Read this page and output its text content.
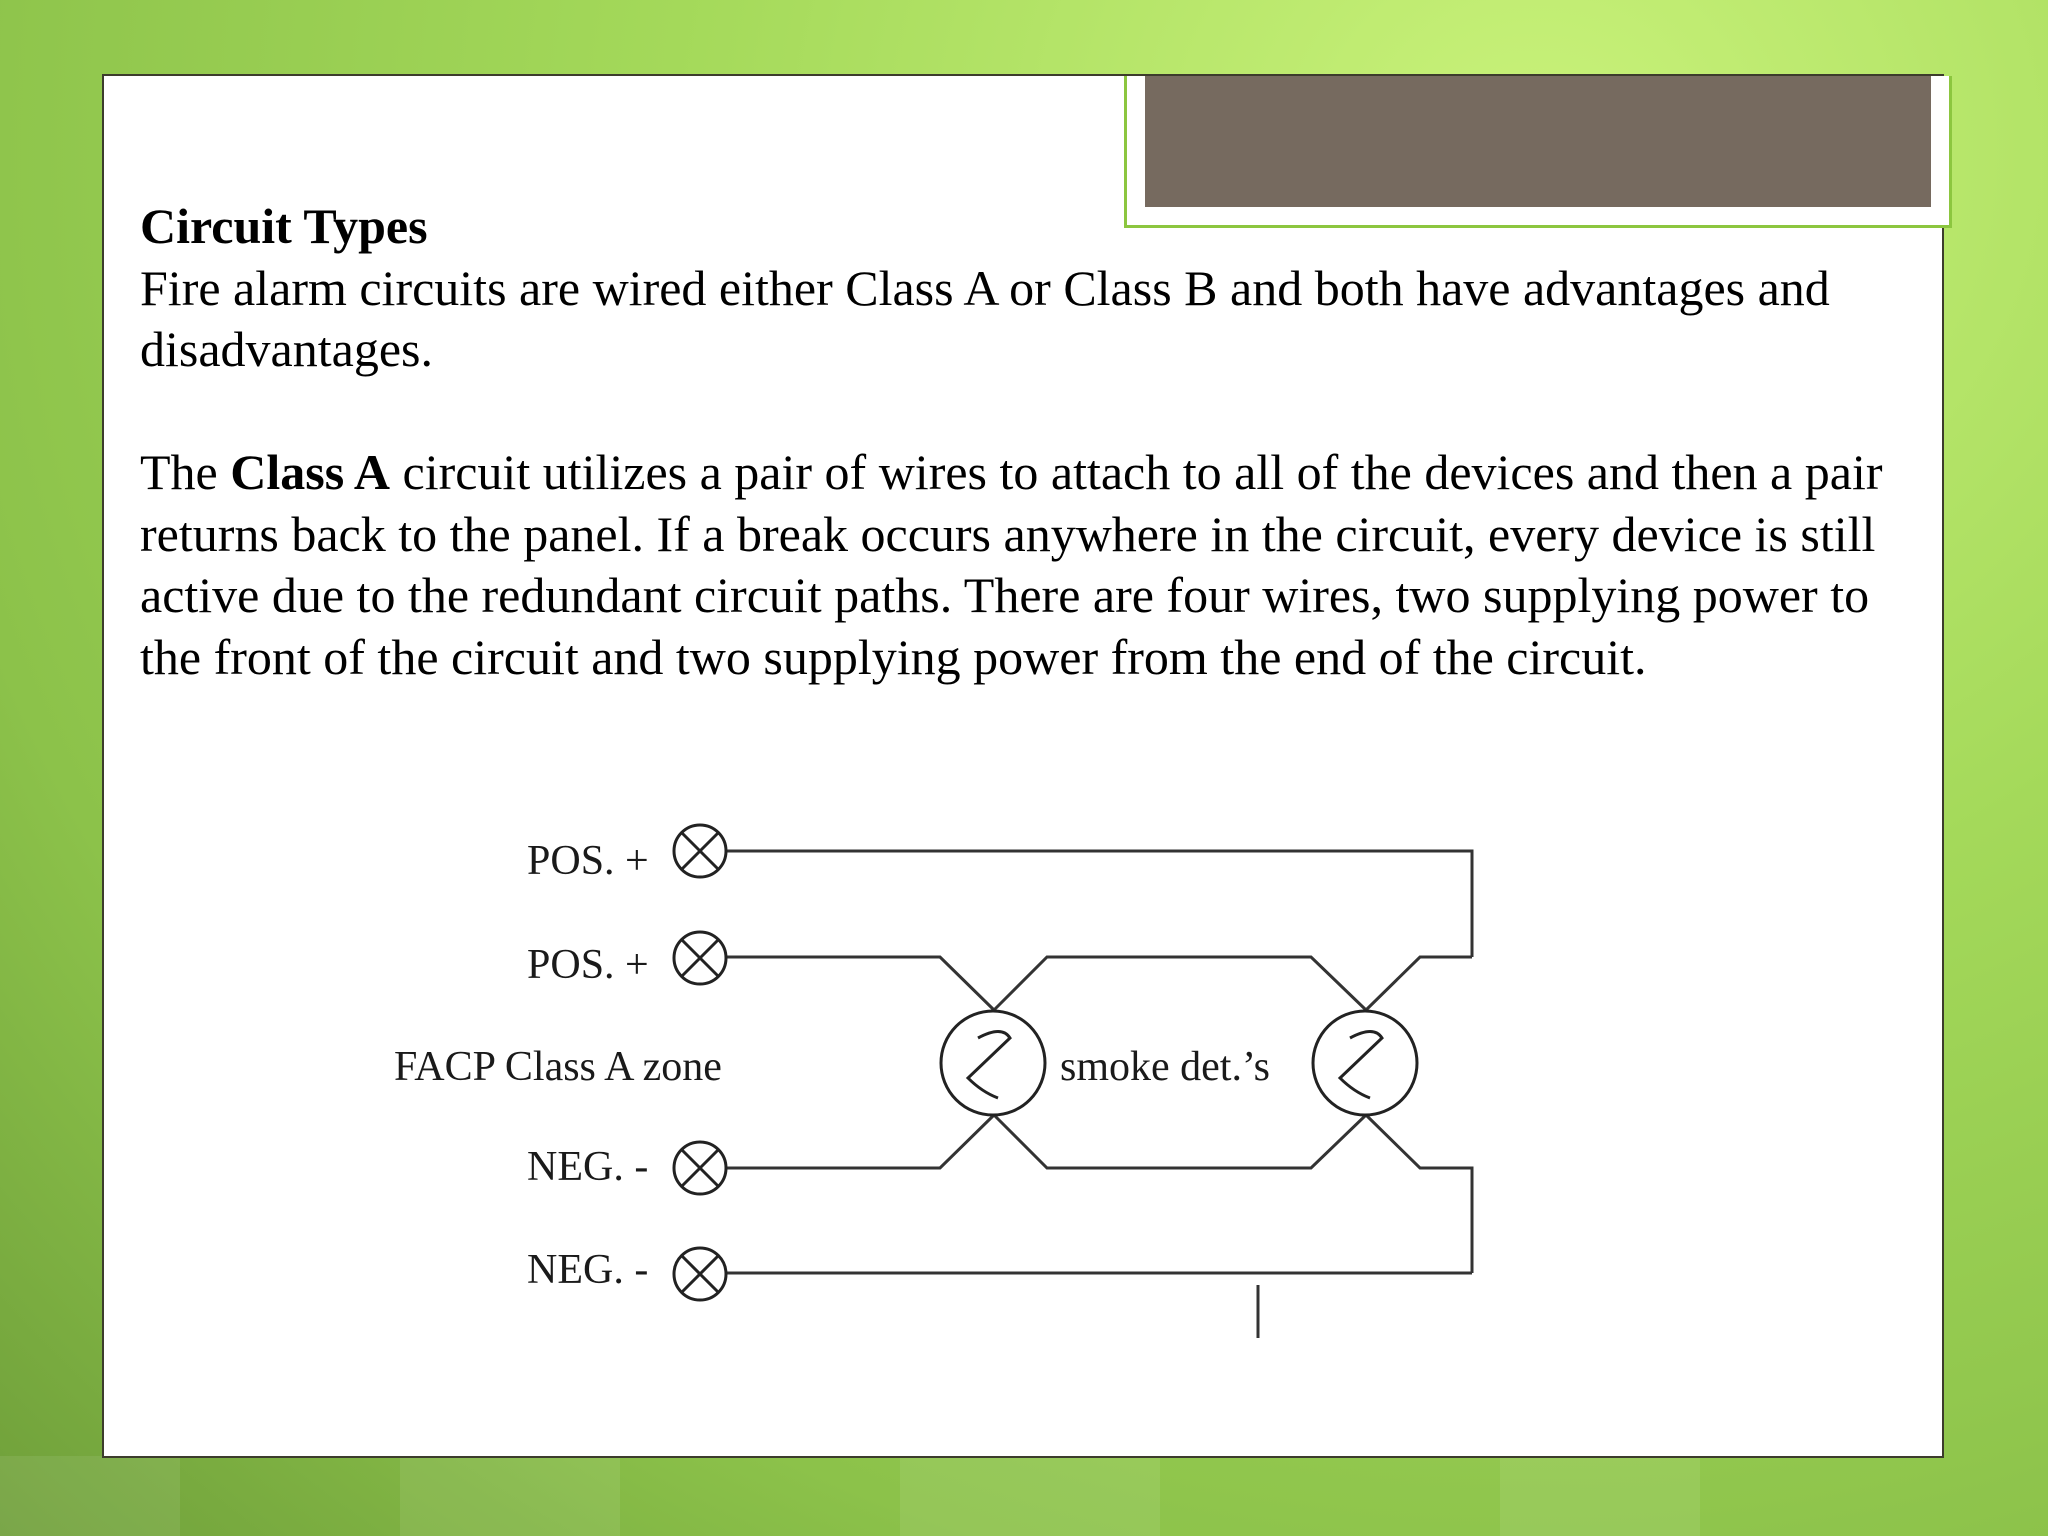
Circuit Types

Fire alarm circuits are wired either Class A or Class B and both have advantages and disadvantages.

The Class A circuit utilizes a pair of wires to attach to all of the devices and then a pair returns back to the panel. If a break occurs anywhere in the circuit, every device is still active due to the redundant circuit paths. There are four wires, two supplying power to the front of the circuit and two supplying power from the end of the circuit.

POS. +
POS. +
FACP Class A zone
NEG. -
NEG. -
smoke det.’s
